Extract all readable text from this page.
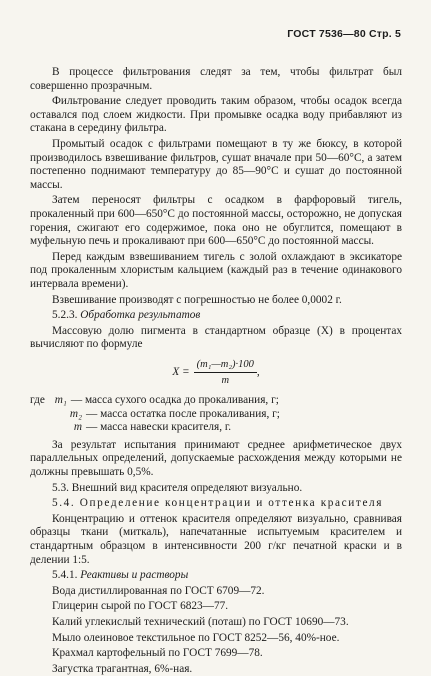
ГОСТ 7536—80 Стр. 5

В процессе фильтрования следят за тем, чтобы фильтрат был совершенно прозрачным.

Фильтрование следует проводить таким образом, чтобы осадок всегда оставался под слоем жидкости. При промывке осадка воду прибавляют из стакана в середину фильтра.

Промытый осадок с фильтрами помещают в ту же бюксу, в которой производилось взвешивание фильтров, сушат вначале при 50—60°С, а затем постепенно поднимают температуру до 85—90°С и сушат до постоянной массы.

Затем переносят фильтры с осадком в фарфоровый тигель, прокаленный при 600—650°С до постоянной массы, осторожно, не допуская горения, сжигают его содержимое, пока оно не обуглится, помещают в муфельную печь и прокаливают при 600—650°С до постоянной массы.

Перед каждым взвешиванием тигель с золой охлаждают в эксикаторе под прокаленным хлористым кальцием (каждый раз в течение одинакового интервала времени).

Взвешивание производят с погрешностью не более 0,0002 г.

5.2.3. Обработка результатов

Массовую долю пигмента в стандартном образце (X) в процентах вычисляют по формуле

$X = \frac{\text{(m₁—m₂)·100}}{m}$ ,
где m₁ — масса сухого осадка до прокаливания, г;
m₂ — масса остатка после прокаливания, г;
m — масса навески красителя, г.

За результат испытания принимают среднее арифметическое двух параллельных определений, допускаемые расхождения между которыми не должны превышать 0,5%.

5.3. Внешний вид красителя определяют визуально.

5.4. Определение концентрации и оттенка красителя

Концентрацию и оттенок красителя определяют визуально, сравнивая образцы ткани (миткаль), напечатанные испытуемым красителем и стандартным образцом в интенсивности 200 г/кг печатной краски и в делении 1:5.

5.4.1. Реактивы и растворы

Вода дистиллированная по ГОСТ 6709—72.

Глицерин сырой по ГОСТ 6823—77.

Калий углекислый технический (поташ) по ГОСТ 10690—73.

Мыло олеиновое текстильное по ГОСТ 8252—56, 40%-ное.

Крахмал картофельный по ГОСТ 7699—78.

Загустка трагантная, 6%-ная.
